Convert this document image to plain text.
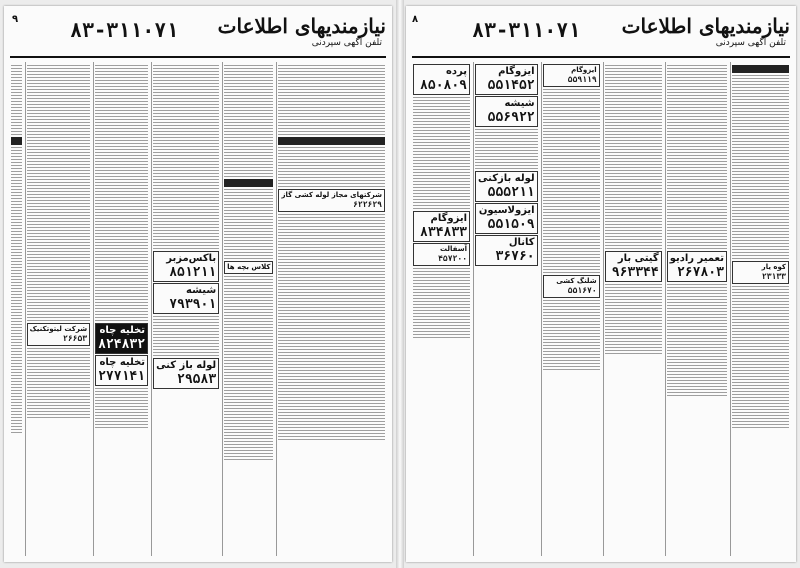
۹	نیازمندیهای اطلاعات
تلفن آگهی سپردنی
۸۳-۳۱۱۰۷۱

شرکتهای مجاز لوله کشی گاز
۶۲۲۶۲۹

کلاس بچه ها
باکس‌مزبر
۸۵۱۲۱۱
شیشه
۷۹۳۹۰۱
لوله باز کنی
۲۹۵۸۳
تخلیه چاه
۸۲۴۸۳۲
تخلیه چاه
۲۷۷۱۴۱
شرکت لیتوتکنیک
۲۶۶۵۳

۸	نیازمندیهای اطلاعات
تلفن آگهی سپردنی
۸۳-۳۱۱۰۷۱

کوه یار
۲۳۱۳۳
تعمیر رادیو
۲۶۷۸۰۳
گیتی بار
۹۶۳۳۴۴
ایزوگام
۵۵۹۱۱۹
شلنگ کشی
۵۵۱۶۷۰
ایزوگام
۵۵۱۴۵۲
شیشه
۵۵۶۹۲۲
لوله بازکنی
۵۵۵۲۱۱
ایزولاسیون
۵۵۱۵۰۹
کانال
۳۶۷۶۰
پرده
۸۵۰۸۰۹
ایزوگام
۸۳۴۸۳۳
آسفالت
۴۵۷۲۰۰
